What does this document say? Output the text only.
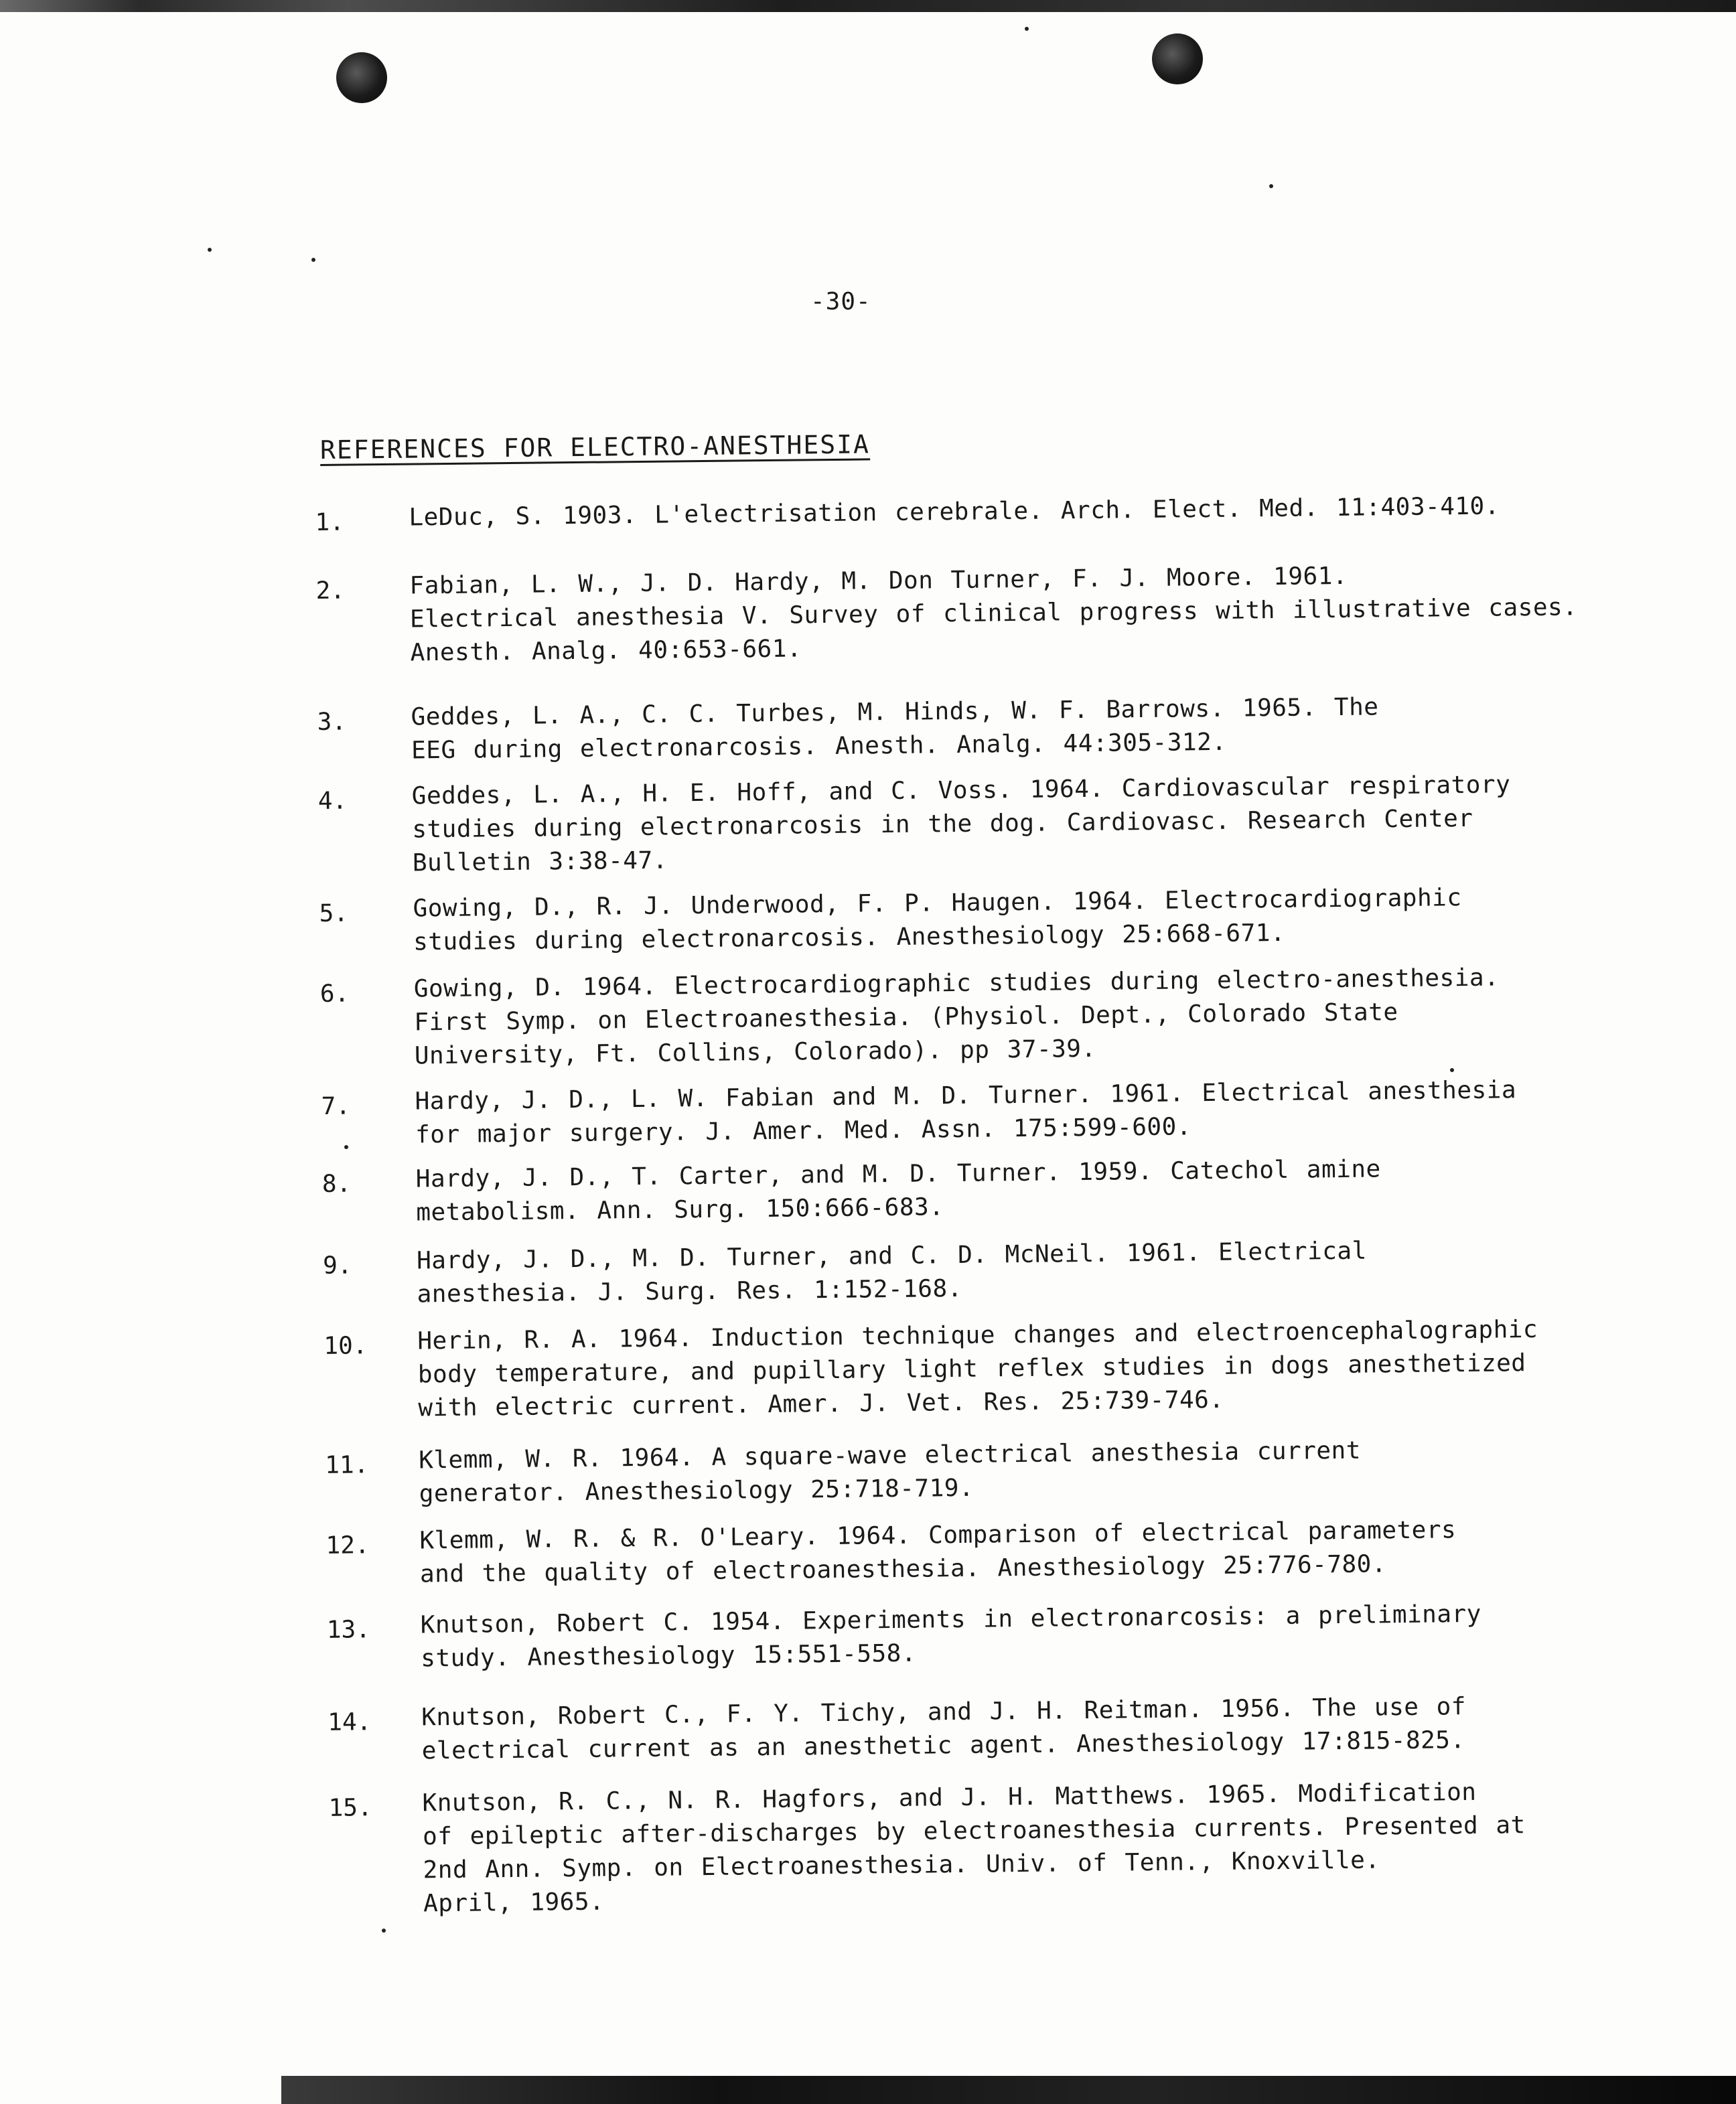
-30-
REFERENCES FOR ELECTRO-ANESTHESIA
1.	LeDuc, S. 1903. L'electrisation cerebrale. Arch. Elect. Med. 11:403-410.
2.	Fabian, L. W., J. D. Hardy, M. Don Turner, F. J. Moore. 1961.
Electrical anesthesia V. Survey of clinical progress with illustrative cases.
Anesth. Analg. 40:653-661.
3.	Geddes, L. A., C. C. Turbes, M. Hinds, W. F. Barrows. 1965. The
EEG during electronarcosis. Anesth. Analg. 44:305-312.
4.	Geddes, L. A., H. E. Hoff, and C. Voss. 1964. Cardiovascular respiratory
studies during electronarcosis in the dog. Cardiovasc. Research Center
Bulletin 3:38-47.
5.	Gowing, D., R. J. Underwood, F. P. Haugen. 1964. Electrocardiographic
studies during electronarcosis. Anesthesiology 25:668-671.
6.	Gowing, D. 1964. Electrocardiographic studies during electro-anesthesia.
First Symp. on Electroanesthesia. (Physiol. Dept., Colorado State
University, Ft. Collins, Colorado). pp 37-39.
7.	Hardy, J. D., L. W. Fabian and M. D. Turner. 1961. Electrical anesthesia
for major surgery. J. Amer. Med. Assn. 175:599-600.
8.	Hardy, J. D., T. Carter, and M. D. Turner. 1959. Catechol amine
metabolism. Ann. Surg. 150:666-683.
9.	Hardy, J. D., M. D. Turner, and C. D. McNeil. 1961. Electrical
anesthesia. J. Surg. Res. 1:152-168.
10.	Herin, R. A. 1964. Induction technique changes and electroencephalographic
body temperature, and pupillary light reflex studies in dogs anesthetized
with electric current. Amer. J. Vet. Res. 25:739-746.
11.	Klemm, W. R. 1964. A square-wave electrical anesthesia current
generator. Anesthesiology 25:718-719.
12.	Klemm, W. R. & R. O'Leary. 1964. Comparison of electrical parameters
and the quality of electroanesthesia. Anesthesiology 25:776-780.
13.	Knutson, Robert C. 1954. Experiments in electronarcosis: a preliminary
study. Anesthesiology 15:551-558.
14.	Knutson, Robert C., F. Y. Tichy, and J. H. Reitman. 1956. The use of
electrical current as an anesthetic agent. Anesthesiology 17:815-825.
15.	Knutson, R. C., N. R. Hagfors, and J. H. Matthews. 1965. Modification
of epileptic after-discharges by electroanesthesia currents. Presented at
2nd Ann. Symp. on Electroanesthesia. Univ. of Tenn., Knoxville.
April, 1965.
